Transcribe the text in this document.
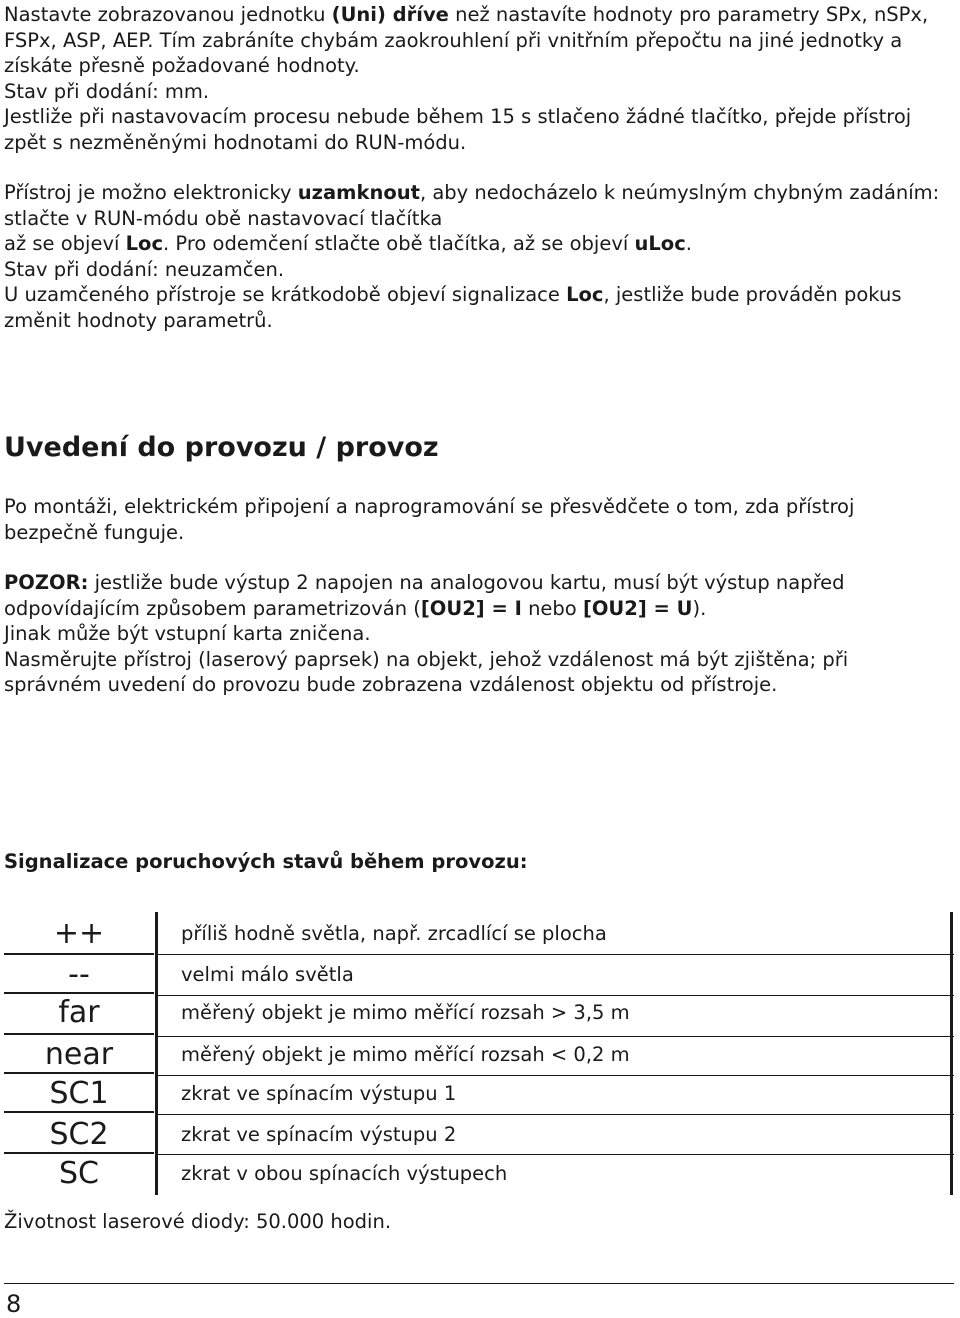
Nastavte zobrazovanou jednotku (Uni) dříve než nastavíte hodnoty pro parametry SPx, nSPx,
FSPx, ASP, AEP. Tím zabráníte chybám zaokrouhlení při vnitřním přepočtu na jiné jednotky a
získáte přesně požadované hodnoty.
Stav při dodání: mm.
Jestliže při nastavovacím procesu nebude během 15 s stlačeno žádné tlačítko, přejde přístroj
zpět s nezměněnými hodnotami do RUN-módu.
Přístroj je možno elektronicky uzamknout, aby nedocházelo k neúmyslným chybným zadáním:
stlačte v RUN-módu obě nastavovací tlačítka
až se objeví Loc. Pro odemčení stlačte obě tlačítka, až se objeví uLoc.
Stav při dodání: neuzamčen.
U uzamčeného přístroje se krátkodobě objeví signalizace Loc, jestliže bude prováděn pokus
změnit hodnoty parametrů.
Uvedení do provozu / provoz
Po montáži, elektrickém připojení a naprogramování se přesvědčete o tom, zda přístroj
bezpečně funguje.
POZOR: jestliže bude výstup 2 napojen na analogovou kartu, musí být výstup napřed
odpovídajícím způsobem parametrizován ([OU2] = I nebo [OU2] = U).
Jinak může být vstupní karta zničena.
Nasměrujte přístroj (laserový paprsek) na objekt, jehož vzdálenost má být zjištěna; při
správném uvedení do provozu bude zobrazena vzdálenost objektu od přístroje.
Signalizace poruchových stavů během provozu:
++	příliš hodně světla, např. zrcadlící se plocha
--	velmi málo světla
far	měřený objekt je mimo měřící rozsah > 3,5 m
near	měřený objekt je mimo měřící rozsah < 0,2 m
SC1	zkrat ve spínacím výstupu 1
SC2	zkrat ve spínacím výstupu 2
SC	zkrat v obou spínacích výstupech
Životnost laserové diody: 50.000 hodin.
8
